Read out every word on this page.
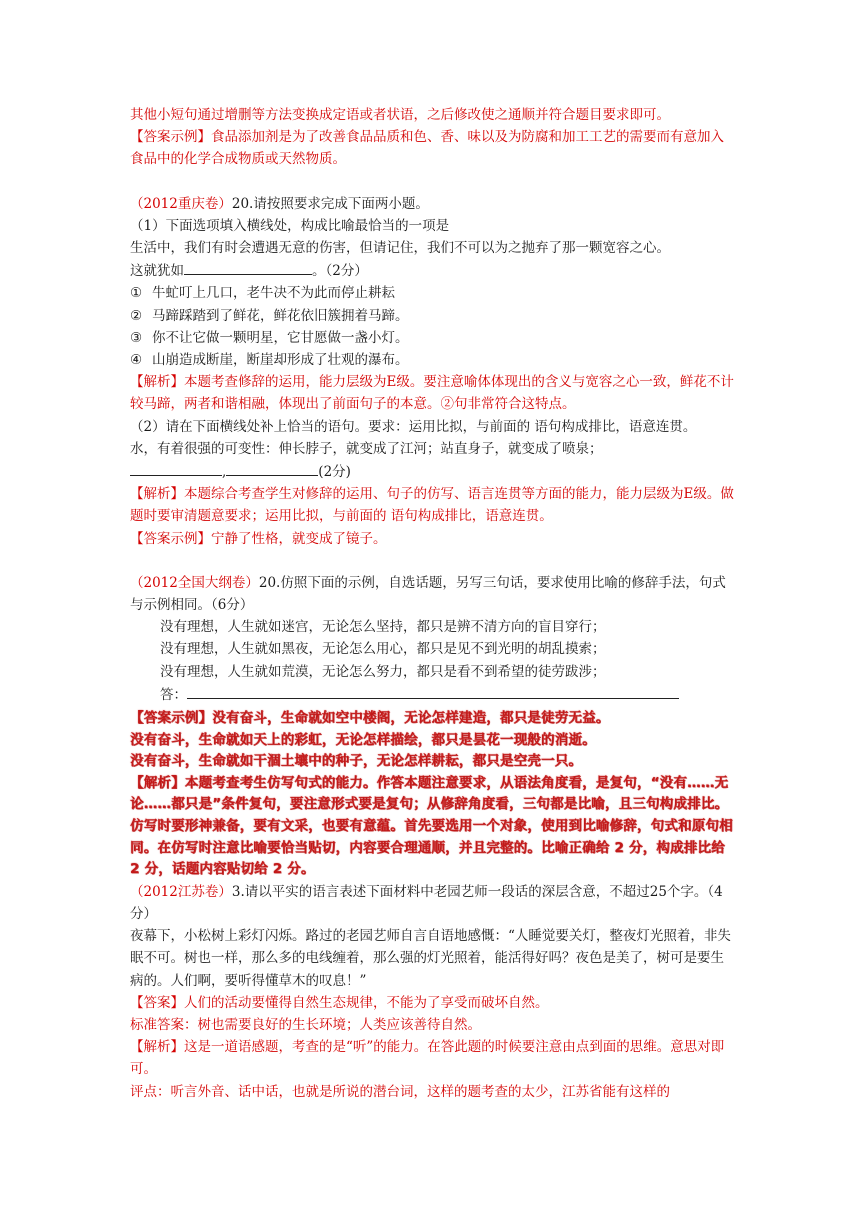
其他小短句通过增删等方法变换成定语或者状语，之后修改使之通顺并符合题目要求即可。

【答案示例】食品添加剂是为了改善食品品质和色、香、味以及为防腐和加工工艺的需要而有意加入食品中的化学合成物质或天然物质。

（2012重庆卷）20.请按照要求完成下面两小题。

（1）下面选项填入横线处，构成比喻最恰当的一项是

生活中，我们有时会遭遇无意的伤害，但请记住，我们不可以为之抛弃了那一颗宽容之心。

这就犹如	。（2分）

① 牛虻叮上几口，老牛决不为此而停止耕耘
② 马蹄踩踏到了鲜花，鲜花依旧簇拥着马蹄。
③ 你不让它做一颗明星，它甘愿做一盏小灯。
④ 山崩造成断崖，断崖却形成了壮观的瀑布。

【解析】本题考查修辞的运用，能力层级为E级。要注意喻体体现出的含义与宽容之心一致，鲜花不计较马蹄，两者和谐相融，体现出了前面句子的本意。②句非常符合这特点。

（2）请在下面横线处补上恰当的语句。要求：运用比拟，与前面的 语句构成排比，语意连贯。

水，有着很强的可变性：伸长脖子，就变成了江河；站直身子，就变成了喷泉；

,	(2分)

【解析】本题综合考查学生对修辞的运用、句子的仿写、语言连贯等方面的能力，能力层级为E级。做题时要审清题意要求；运用比拟，与前面的 语句构成排比，语意连贯。

【答案示例】宁静了性格，就变成了镜子。

（2012全国大纲卷）20.仿照下面的示例，自选话题，另写三句话，要求使用比喻的修辞手法，句式与示例相同。（6分）

没有理想，人生就如迷宫，无论怎么坚持，都只是辨不清方向的盲目穿行；

没有理想，人生就如黑夜，无论怎么用心，都只是见不到光明的胡乱摸索；

没有理想，人生就如荒漠，无论怎么努力，都只是看不到希望的徒劳跋涉；

答：

【答案示例】没有奋斗，生命就如空中楼阁，无论怎样建造，都只是徒劳无益。

没有奋斗，生命就如天上的彩虹，无论怎样描绘，都只是昙花一现般的消逝。

没有奋斗，生命就如干涸土壤中的种子，无论怎样耕耘，都只是空壳一只。

【解析】本题考查考生仿写句式的能力。作答本题注意要求，从语法角度看，是复句，“没有……无论……都只是”条件复句，要注意形式要是复句；从修辞角度看，三句都是比喻，且三句构成排比。仿写时要形神兼备，要有文采，也要有意蕴。首先要选用一个对象，使用到比喻修辞，句式和原句相同。在仿写时注意比喻要恰当贴切，内容要合理通顺，并且完整的。比喻正确给 2 分，构成排比给 2 分，话题内容贴切给 2 分。

（2012江苏卷）3.请以平实的语言表述下面材料中老园艺师一段话的深层含意，不超过25个字。（4分）

夜幕下，小松树上彩灯闪烁。路过的老园艺师自言自语地感慨：“人睡觉要关灯，整夜灯光照着，非失眠不可。树也一样，那么多的电线缠着，那么强的灯光照着，能活得好吗？夜色是美了，树可是要生病的。人们啊，要听得懂草木的叹息！”

【答案】人们的活动要懂得自然生态规律，不能为了享受而破坏自然。

标准答案：树也需要良好的生长环境；人类应该善待自然。

【解析】这是一道语感题，考查的是“听”的能力。在答此题的时候要注意由点到面的思维。意思对即可。

评点：听言外音、话中话，也就是所说的潜台词，这样的题考查的太少，江苏省能有这样的
